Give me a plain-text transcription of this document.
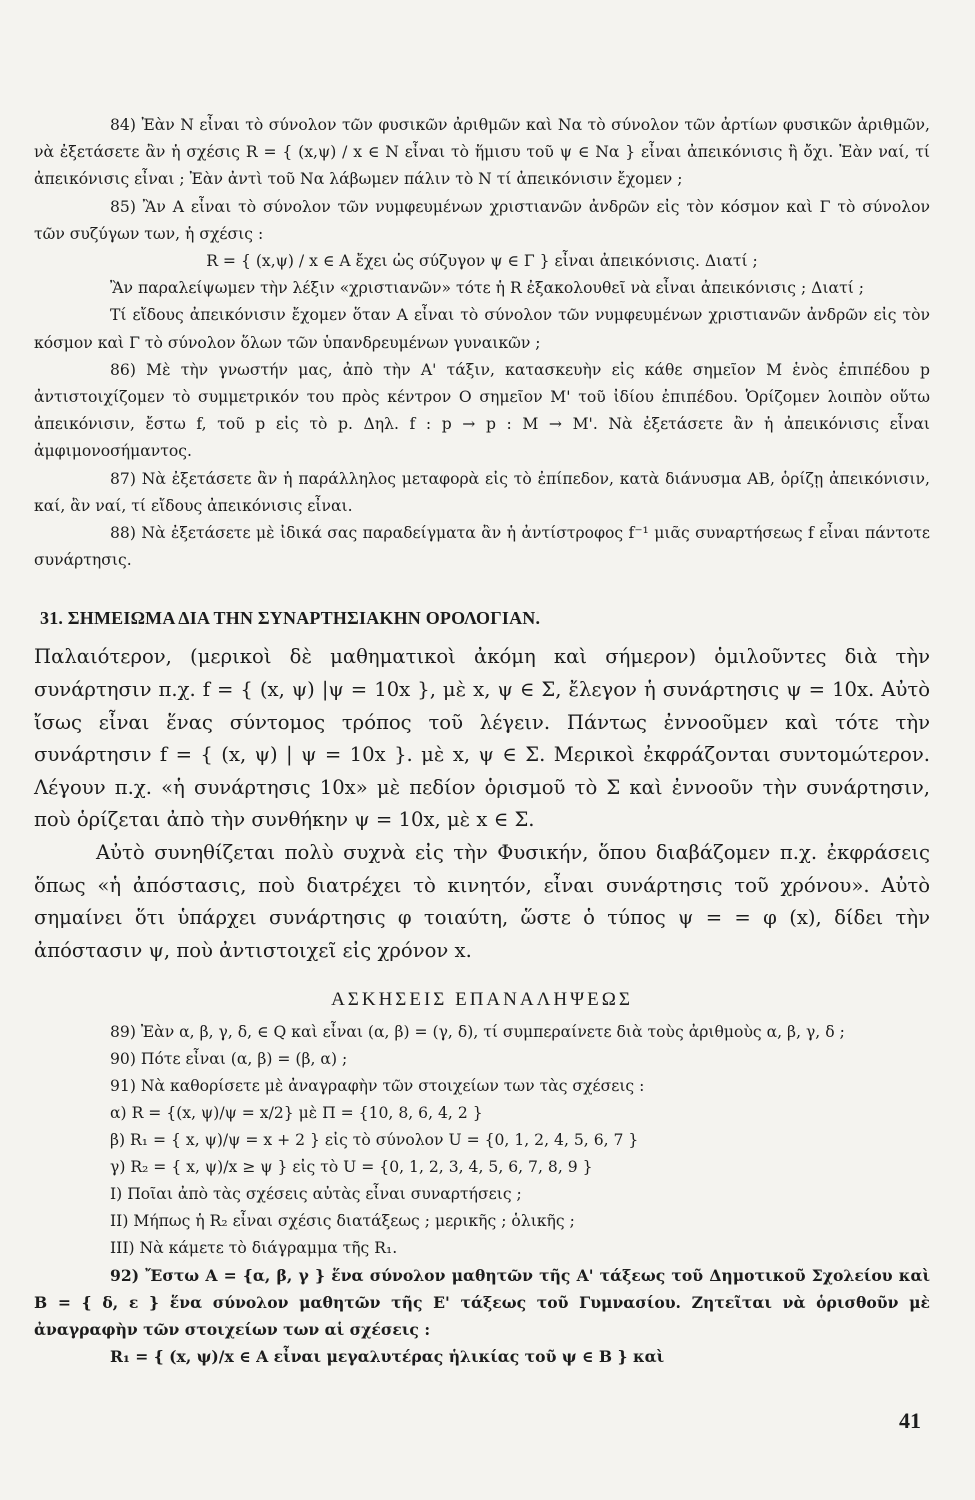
84) Ἐὰν N εἶναι τὸ σύνολον τῶν φυσικῶν ἀριθμῶν καὶ Nα τὸ σύνολον τῶν ἀρτίων φυσικῶν ἀριθμῶν, νὰ ἐξετάσετε ἂν ἡ σχέσις R = { (x,ψ) / x ∈ N εἶναι τὸ ἥμισυ τοῦ ψ ∈ Nα } εἶναι ἀπεικόνισις ἢ ὄχι. Ἐὰν ναί, τί ἀπεικόνισις εἶναι ; Ἐὰν ἀντὶ τοῦ Nα λάβωμεν πάλιν τὸ N τί ἀπεικόνισιν ἔχομεν ;

85) Ἂν A εἶναι τὸ σύνολον τῶν νυμφευμένων χριστιανῶν ἀνδρῶν εἰς τὸν κόσμον καὶ Γ τὸ σύνολον τῶν συζύγων των, ἡ σχέσις :

R = { (x,ψ) / x ∈ A ἔχει ὡς σύζυγον ψ ∈ Γ } εἶναι ἀπεικόνισις. Διατί ;

Ἂν παραλείψωμεν τὴν λέξιν «χριστιανῶν» τότε ἡ R ἐξακολουθεῖ νὰ εἶναι ἀπεικόνισις ; Διατί ;

Τί εἴδους ἀπεικόνισιν ἔχομεν ὅταν A εἶναι τὸ σύνολον τῶν νυμφευμένων χριστιανῶν ἀνδρῶν εἰς τὸν κόσμον καὶ Γ τὸ σύνολον ὅλων τῶν ὑπανδρευμένων γυναικῶν ;

86) Μὲ τὴν γνωστήν μας, ἀπὸ τὴν Α' τάξιν, κατασκευὴν εἰς κάθε σημεῖον M ἑνὸς ἐπιπέδου p ἀντιστοιχίζομεν τὸ συμμετρικόν του πρὸς κέντρον O σημεῖον M' τοῦ ἰδίου ἐπιπέδου. Ὁρίζομεν λοιπὸν οὕτω ἀπεικόνισιν, ἔστω f, τοῦ p εἰς τὸ p. Δηλ. f : p → p : M → M'. Νὰ ἐξετάσετε ἂν ἡ ἀπεικόνισις εἶναι ἀμφιμονοσήμαντος.

87) Νὰ ἐξετάσετε ἂν ἡ παράλληλος μεταφορὰ εἰς τὸ ἐπίπεδον, κατὰ διάνυσμα AB, ὁρίζῃ ἀπεικόνισιν, καί, ἂν ναί, τί εἴδους ἀπεικόνισις εἶναι.

88) Νὰ ἐξετάσετε μὲ ἰδικά σας παραδείγματα ἂν ἡ ἀντίστροφος f⁻¹ μιᾶς συναρτήσεως f εἶναι πάντοτε συνάρτησις.

31. ΣΗΜΕΙΩΜΑ ΔΙΑ ΤΗΝ ΣΥΝΑΡΤΗΣΙΑΚΗΝ ΟΡΟΛΟΓΙΑΝ.

Παλαιότερον, (μερικοὶ δὲ μαθηματικοὶ ἀκόμη καὶ σήμερον) ὁμιλοῦντες διὰ τὴν συνάρτησιν π.χ. f = { (x, ψ) |ψ = 10x }, μὲ x, ψ ∈ Σ, ἔλεγον ἡ συνάρτησις ψ = 10x. Αὐτὸ ἴσως εἶναι ἕνας σύντομος τρόπος τοῦ λέγειν. Πάντως ἐννοοῦμεν καὶ τότε τὴν συνάρτησιν f = { (x, ψ) | ψ = 10x }. μὲ x, ψ ∈ Σ. Μερικοὶ ἐκφράζονται συντομώτερον. Λέγουν π.χ. «ἡ συνάρτησις 10x» μὲ πεδίον ὁρισμοῦ τὸ Σ καὶ ἐννοοῦν τὴν συνάρτησιν, ποὺ ὁρίζεται ἀπὸ τὴν συνθήκην ψ = 10x, μὲ x ∈ Σ.

Αὐτὸ συνηθίζεται πολὺ συχνὰ εἰς τὴν Φυσικήν, ὅπου διαβάζομεν π.χ. ἐκφράσεις ὅπως «ἡ ἀπόστασις, ποὺ διατρέχει τὸ κινητόν, εἶναι συνάρτησις τοῦ χρόνου». Αὐτὸ σημαίνει ὅτι ὑπάρχει συνάρτησις φ τοιαύτη, ὥστε ὁ τύπος ψ = = φ (x), δίδει τὴν ἀπόστασιν ψ, ποὺ ἀντιστοιχεῖ εἰς χρόνον x.

ΑΣΚΗΣΕΙΣ ΕΠΑΝΑΛΗΨΕΩΣ

89) Ἐὰν α, β, γ, δ, ∈ Q καὶ εἶναι (α, β) = (γ, δ), τί συμπεραίνετε διὰ τοὺς ἀριθμοὺς α, β, γ, δ ;

90) Πότε εἶναι (α, β) = (β, α) ;

91) Νὰ καθορίσετε μὲ ἀναγραφὴν τῶν στοιχείων των τὰς σχέσεις :

α) R = {(x, ψ)/ψ = x/2} μὲ Π = {10, 8, 6, 4, 2 }

β) R₁ = { x, ψ)/ψ = x + 2 } εἰς τὸ σύνολον U = {0, 1, 2, 4, 5, 6, 7 }

γ) R₂ = { x, ψ)/x ≥ ψ } εἰς τὸ U = {0, 1, 2, 3, 4, 5, 6, 7, 8, 9 }

I) Ποῖαι ἀπὸ τὰς σχέσεις αὐτὰς εἶναι συναρτήσεις ;

II) Μήπως ἡ R₂ εἶναι σχέσις διατάξεως ; μερικῆς ; ὁλικῆς ;

III) Νὰ κάμετε τὸ διάγραμμα τῆς R₁.

92) Ἔστω A = {α, β, γ } ἕνα σύνολον μαθητῶν τῆς Α' τάξεως τοῦ Δημοτικοῦ Σχολείου καὶ B = { δ, ε } ἕνα σύνολον μαθητῶν τῆς Ε' τάξεως τοῦ Γυμνασίου. Ζητεῖται νὰ ὁρισθοῦν μὲ ἀναγραφὴν τῶν στοιχείων των αἱ σχέσεις :

R₁ = { (x, ψ)/x ∈ A εἶναι μεγαλυτέρας ἡλικίας τοῦ ψ ∈ B } καὶ

41
